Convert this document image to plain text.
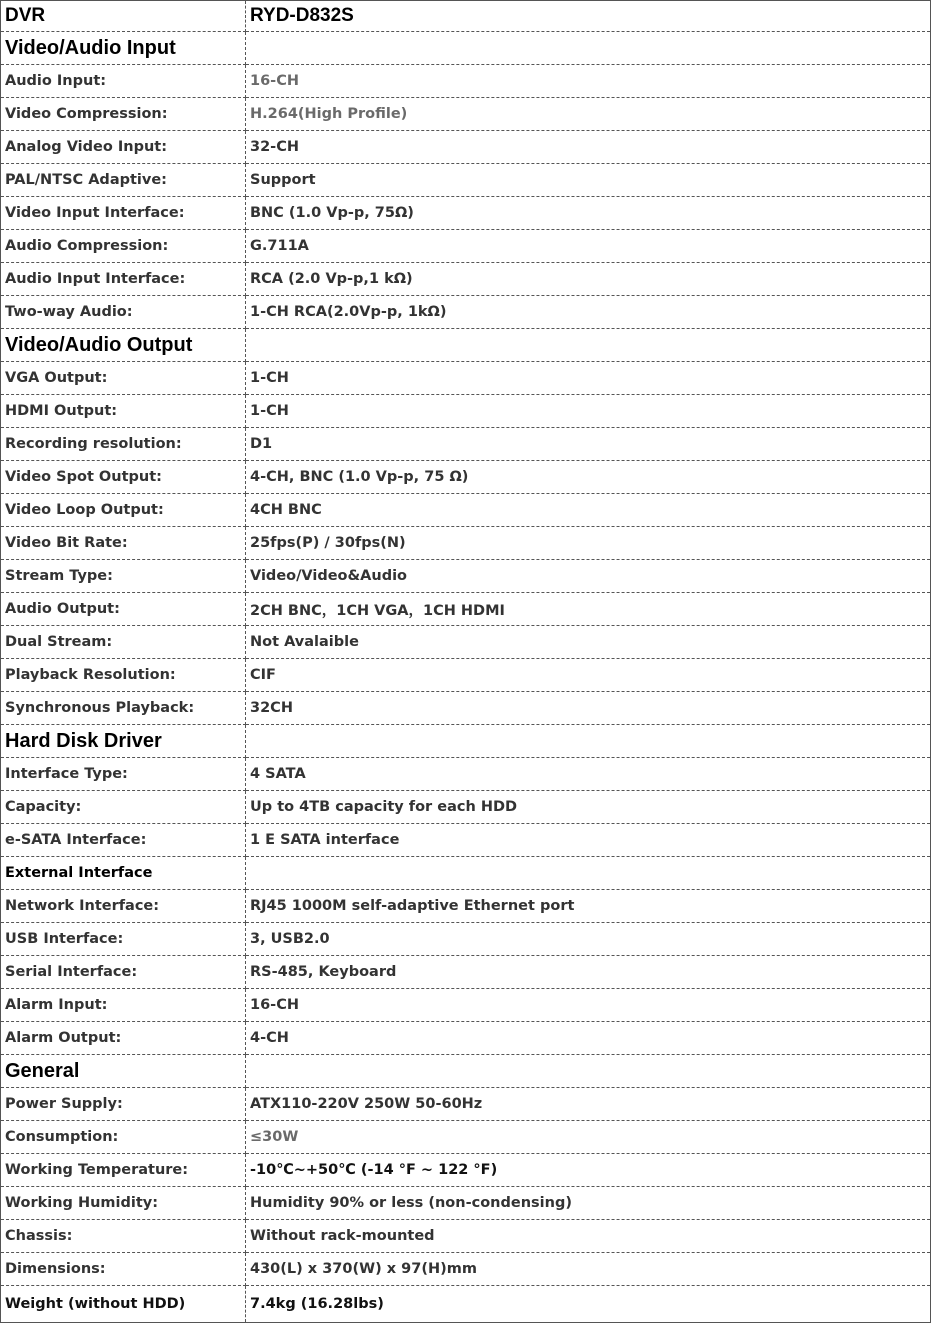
DVR	RYD-D832S
Video/Audio Input	
Audio Input:	16-CH
Video Compression:	H.264(High Profile)
Analog Video Input:	32-CH
PAL/NTSC Adaptive:	Support
Video Input Interface:	BNC (1.0 Vp-p, 75Ω)
Audio Compression:	G.711A
Audio Input Interface:	RCA (2.0 Vp-p,1 kΩ)
Two-way Audio:	1-CH RCA(2.0Vp-p, 1kΩ)
Video/Audio Output	
VGA Output:	1-CH
HDMI Output:	1-CH
Recording resolution:	D1
Video Spot Output:	4-CH, BNC (1.0 Vp-p, 75 Ω)
Video Loop Output:	4CH BNC
Video Bit Rate:	25fps(P) / 30fps(N)
Stream Type:	Video/Video&Audio
Audio Output:	2CH BNC，1CH VGA，1CH HDMI
Dual Stream:	Not Avalaible
Playback Resolution:	CIF
Synchronous Playback:	32CH
Hard Disk Driver	
Interface Type:	4 SATA
Capacity:	Up to 4TB capacity for each HDD
e-SATA Interface:	1 E SATA interface
External Interface	
Network Interface:	RJ45 1000M self-adaptive Ethernet port
USB Interface:	3, USB2.0
Serial Interface:	RS-485, Keyboard
Alarm Input:	16-CH
Alarm Output:	4-CH
General	
Power Supply:	ATX110-220V 250W 50-60Hz
Consumption:	≤30W
Working Temperature:	-10℃~+50℃ (-14 °F ~ 122 °F)
Working Humidity:	Humidity 90% or less (non-condensing)
Chassis:	Without rack-mounted
Dimensions:	430(L) x 370(W) x 97(H)mm
Weight (without HDD)	7.4kg (16.28lbs)
